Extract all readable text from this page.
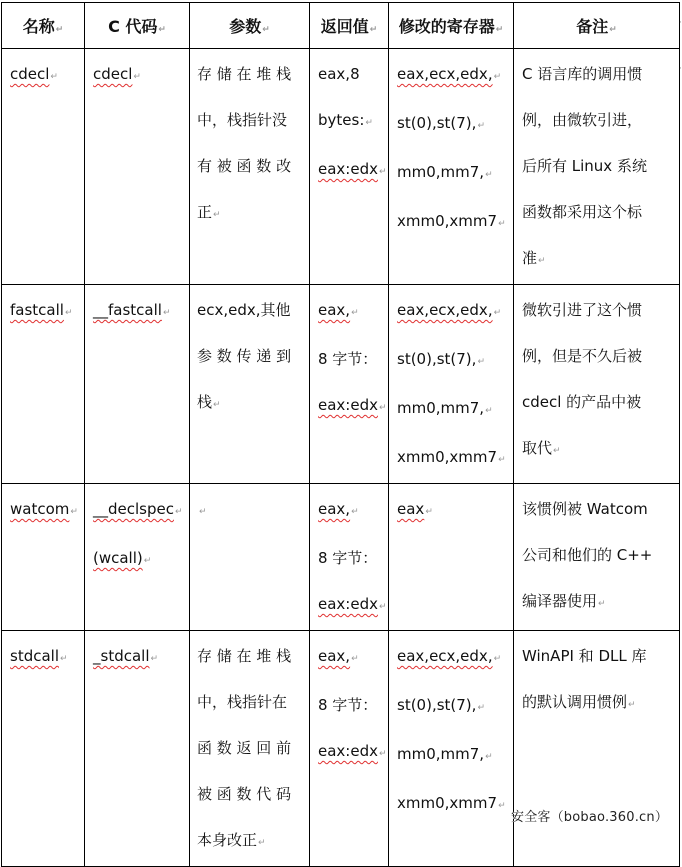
名称↵	C 代码↵	参数↵	返回值↵	修改的寄存器↵	备注↵

cdecl↵	cdecl↵	存 储 在 堆 栈
中，栈指针没
有 被 函 数 改
正↵	eax,8
bytes:↵
eax:edx↵	eax,ecx,edx,↵
st(0),st(7),↵
mm0,mm7,↵
xmm0,xmm7↵	C 语言库的调用惯
例，由微软引进，
后所有 Linux 系统
函数都采用这个标
准↵

fastcall↵	__fastcall↵	ecx,edx,其他
参 数 传 递 到
栈↵	eax,↵
8 字节：
eax:edx↵	eax,ecx,edx,↵
st(0),st(7),↵
mm0,mm7,↵
xmm0,xmm7↵	微软引进了这个惯
例，但是不久后被
cdecl 的产品中被
取代↵

watcom↵	__declspec↵
(wcall)↵	↵	eax,↵
8 字节：
eax:edx↵	eax↵	该惯例被 Watcom
公司和他们的 C++
编译器使用↵

stdcall↵	_stdcall↵	存 储 在 堆 栈
中，栈指针在
函 数 返 回 前
被 函 数 代 码
本身改正↵	eax,↵
8 字节：
eax:edx↵	eax,ecx,edx,↵
st(0),st(7),↵
mm0,mm7,↵
xmm0,xmm7↵	WinAPI 和 DLL 库
的默认调用惯例↵
·
·
安全客（bobao.360.cn）
